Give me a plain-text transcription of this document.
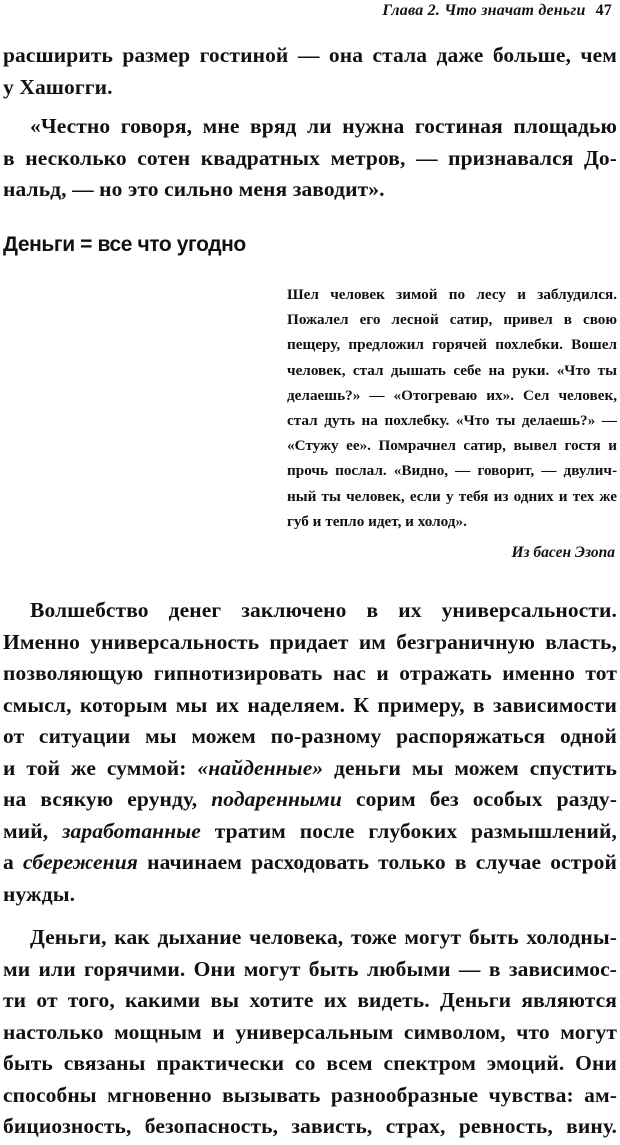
Глава 2. Что значат деньги 47
расширить размер гостиной — она стала даже больше, чем
у Хашогги.
«Честно говоря, мне вряд ли нужна гостиная площадью
в несколько сотен квадратных метров, — признавался До-
нальд, — но это сильно меня заводит».
Деньги = все что угодно
Шел человек зимой по лесу и заблудился.
Пожалел его лесной сатир, привел в свою
пещеру, предложил горячей похлебки. Вошел
человек, стал дышать себе на руки. «Что ты
делаешь?» — «Отогреваю их». Сел человек,
стал дуть на похлебку. «Что ты делаешь?» —
«Стужу ее». Помрачнел сатир, вывел гостя и
прочь послал. «Видно, — говорит, — двулич-
ный ты человек, если у тебя из одних и тех же
губ и тепло идет, и холод».
Из басен Эзопа
Волшебство денег заключено в их универсальности.
Именно универсальность придает им безграничную власть,
позволяющую гипнотизировать нас и отражать именно тот
смысл, которым мы их наделяем. К примеру, в зависимости
от ситуации мы можем по-разному распоряжаться одной
и той же суммой: «найденные» деньги мы можем спустить
на всякую ерунду, подаренными сорим без особых разду-
мий, заработанные тратим после глубоких размышлений,
а сбережения начинаем расходовать только в случае острой
нужды.
Деньги, как дыхание человека, тоже могут быть холодны-
ми или горячими. Они могут быть любыми — в зависимос-
ти от того, какими вы хотите их видеть. Деньги являются
настолько мощным и универсальным символом, что могут
быть связаны практически со всем спектром эмоций. Они
способны мгновенно вызывать разнообразные чувства: ам-
бициозность, безопасность, зависть, страх, ревность, вину.
